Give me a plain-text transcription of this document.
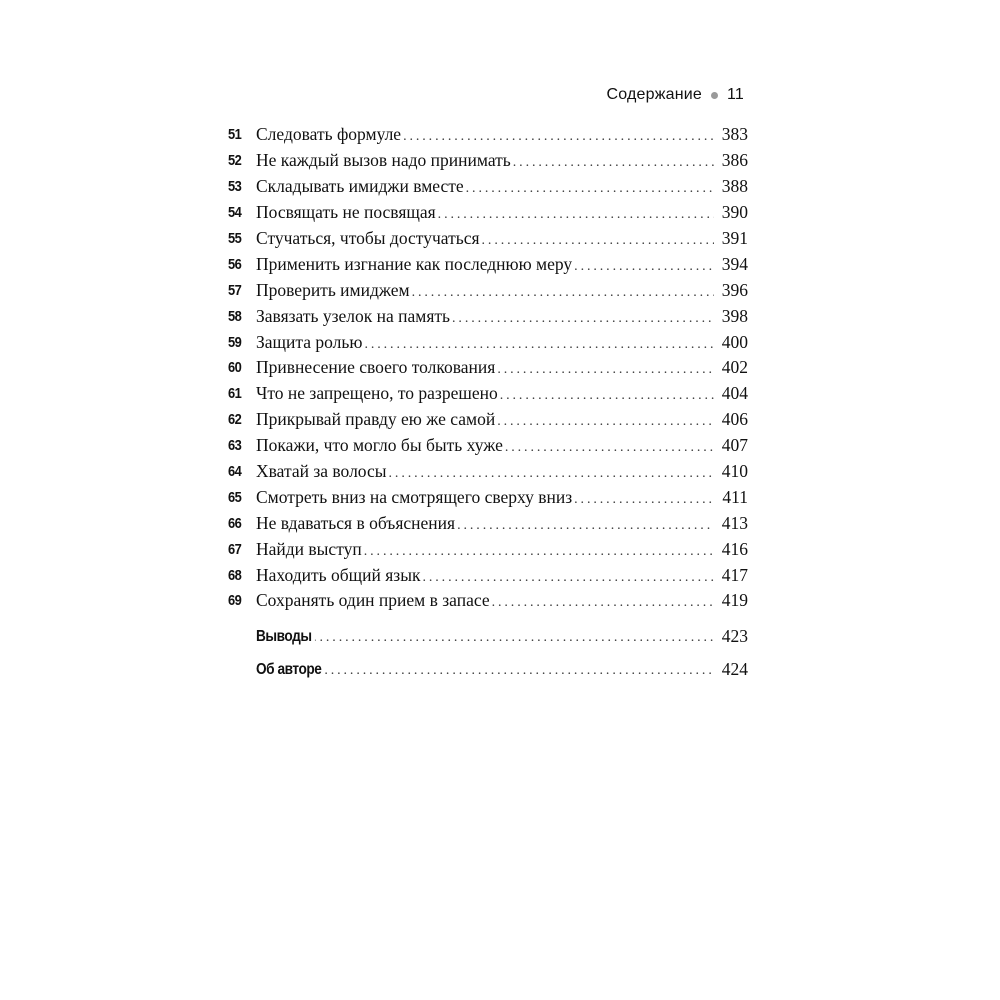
Содержание 11
51 Следовать формуле . . .	383
52 Не каждый вызов надо принимать . . .	386
53 Складывать имиджи вместе . . .	388
54 Посвящать не посвящая . . .	390
55 Стучаться, чтобы достучаться . . .	391
56 Применить изгнание как последнюю меру . . .	394
57 Проверить имиджем . . .	396
58 Завязать узелок на память . . .	398
59 Защита ролью . . .	400
60 Привнесение своего толкования . . .	402
61 Что не запрещено, то разрешено . . .	404
62 Прикрывай правду ею же самой . . .	406
63 Покажи, что могло бы быть хуже . . .	407
64 Хватай за волосы . . .	410
65 Смотреть вниз на смотрящего сверху вниз . . .	411
66 Не вдаваться в объяснения . . .	413
67 Найди выступ . . .	416
68 Находить общий язык . . .	417
69 Сохранять один прием в запасе . . .	419
Выводы . . .	423
Об авторе . . .	424
